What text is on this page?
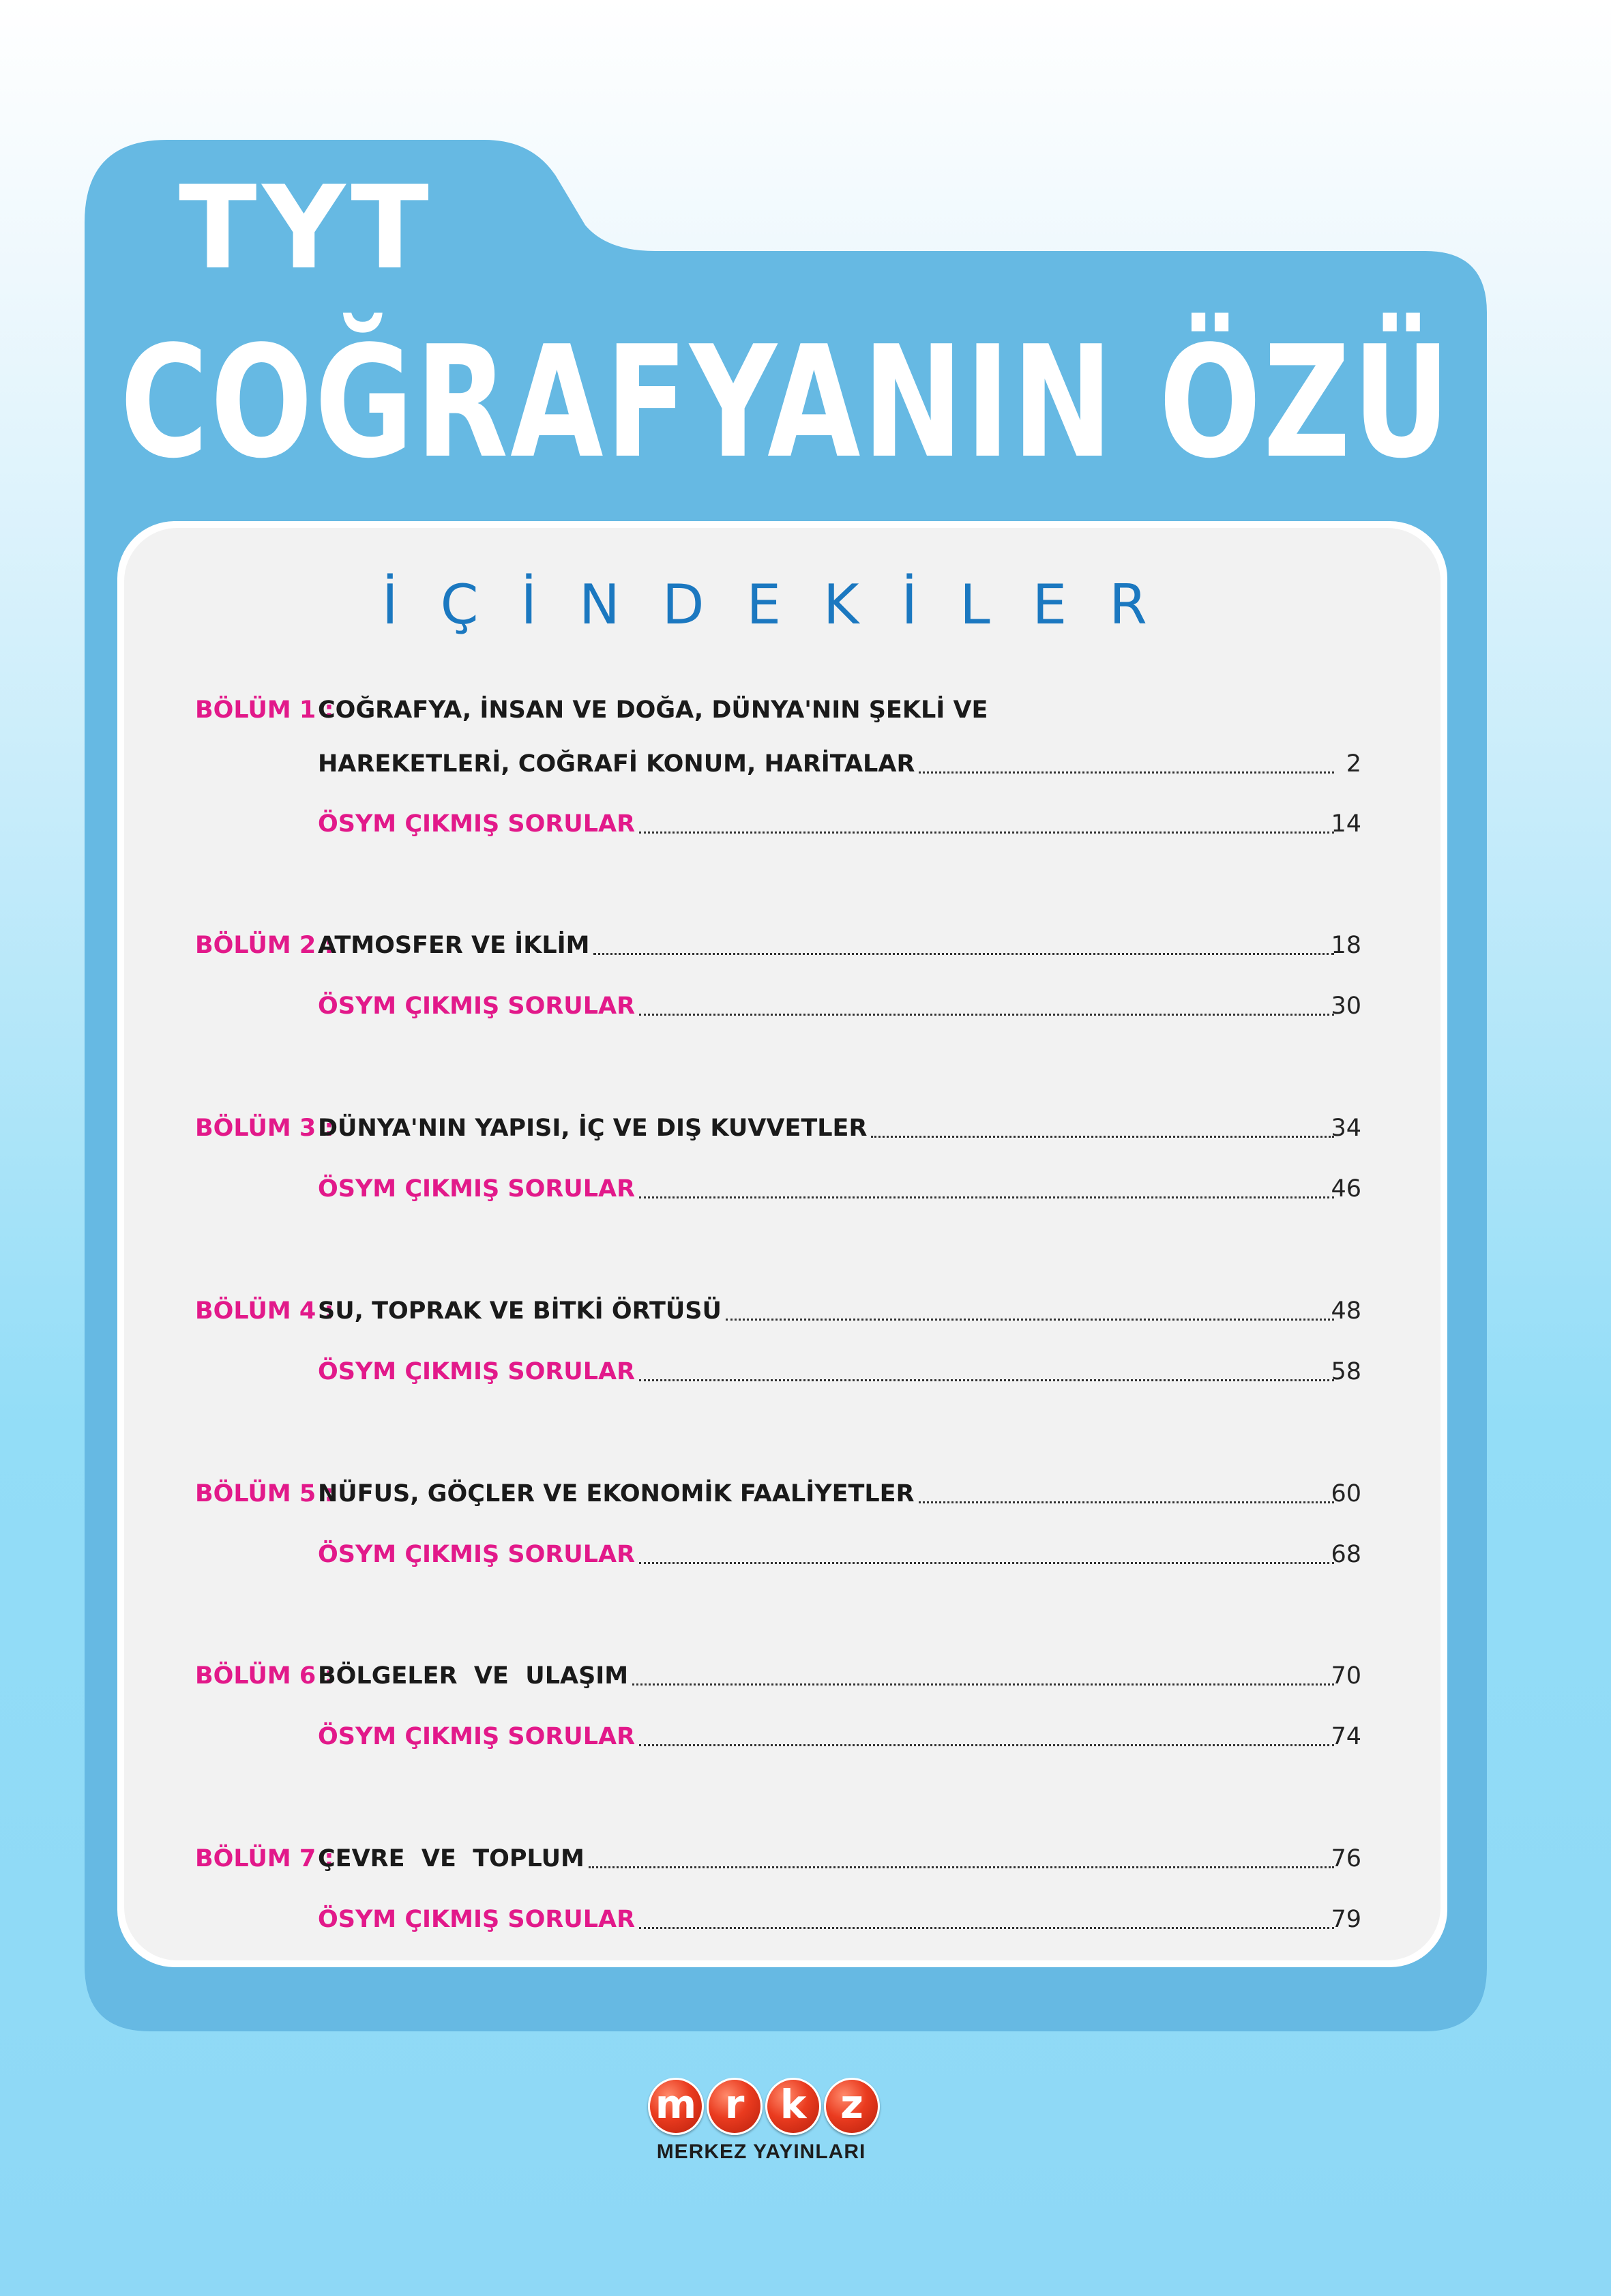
TYT
COĞRAFYANIN ÖZÜ
İÇİNDEKİLER
BÖLÜM 1 :
COĞRAFYA, İNSAN VE DOĞA, DÜNYA'NIN ŞEKLİ VE
HAREKETLERİ, COĞRAFİ KONUM, HARİTALAR	2
ÖSYM ÇIKMIŞ SORULAR	14
BÖLÜM 2 :
ATMOSFER VE İKLİM	18
ÖSYM ÇIKMIŞ SORULAR	30
BÖLÜM 3 :
DÜNYA'NIN YAPISI, İÇ VE DIŞ KUVVETLER	34
ÖSYM ÇIKMIŞ SORULAR	46
BÖLÜM 4 :
SU, TOPRAK VE BİTKİ ÖRTÜSÜ	48
ÖSYM ÇIKMIŞ SORULAR	58
BÖLÜM 5 :
NÜFUS, GÖÇLER VE EKONOMİK FAALİYETLER	60
ÖSYM ÇIKMIŞ SORULAR	68
BÖLÜM 6 :
BÖLGELER  VE  ULAŞIM	70
ÖSYM ÇIKMIŞ SORULAR	74
BÖLÜM 7 :
ÇEVRE  VE  TOPLUM	76
ÖSYM ÇIKMIŞ SORULAR	79
m r k z
MERKEZ YAYINLARI
